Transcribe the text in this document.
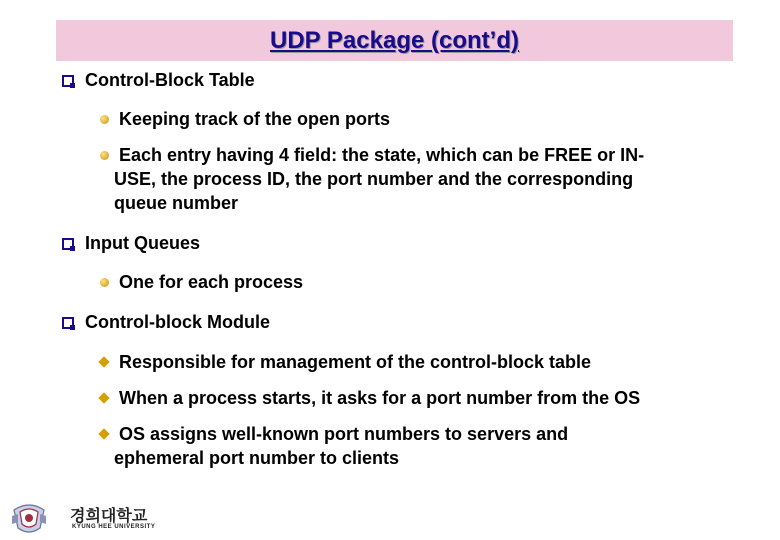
UDP Package (cont’d)
Control-Block Table
Keeping track of the open ports
Each entry having 4 field: the state, which can be FREE or IN-
USE, the process ID, the port number and the corresponding
queue number
Input Queues
One for each process
Control-block Module
Responsible for management of the control-block table
When a process starts, it asks for a port number from the OS
OS assigns well-known port numbers to servers and
ephemeral port number to clients
경희대학교
KYUNG HEE UNIVERSITY
